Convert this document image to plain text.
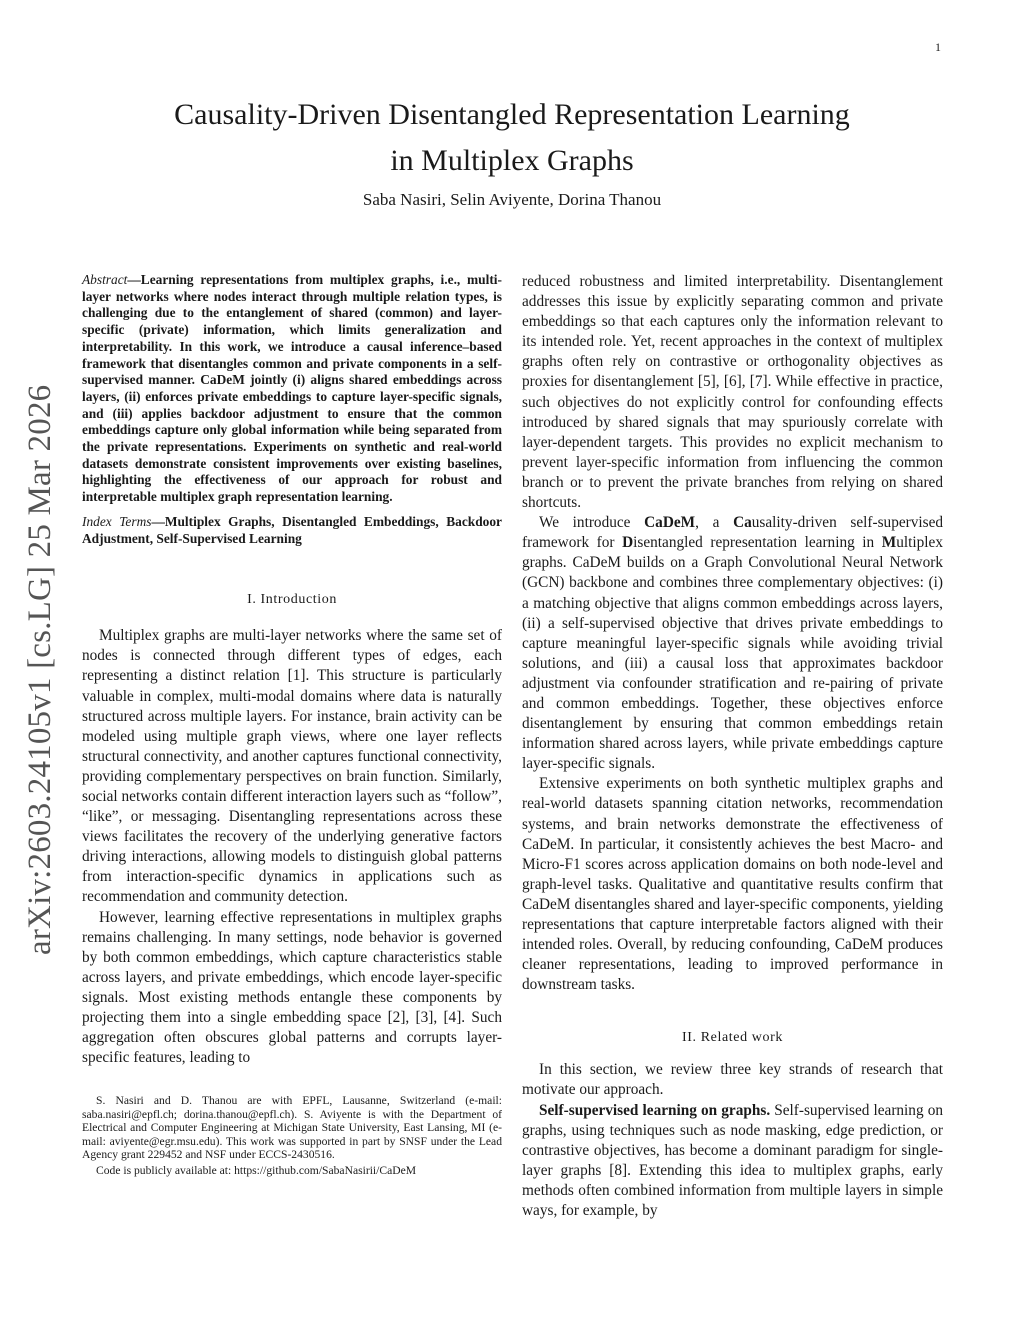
1
arXiv:2603.24105v1 [cs.LG] 25 Mar 2026
Causality-Driven Disentangled Representation Learning
in Multiplex Graphs
Saba Nasiri, Selin Aviyente, Dorina Thanou

Abstract—Learning representations from multiplex graphs, i.e., multi-layer networks where nodes interact through multiple relation types, is challenging due to the entanglement of shared (common) and layer-specific (private) information, which limits generalization and interpretability. In this work, we introduce a causal inference–based framework that disentangles common and private components in a self-supervised manner. CaDeM jointly (i) aligns shared embeddings across layers, (ii) enforces private embeddings to capture layer-specific signals, and (iii) applies backdoor adjustment to ensure that the common embeddings capture only global information while being separated from the private representations. Experiments on synthetic and real-world datasets demonstrate consistent improvements over existing baselines, highlighting the effectiveness of our approach for robust and interpretable multiplex graph representation learning.

Index Terms—Multiplex Graphs, Disentangled Embeddings, Backdoor Adjustment, Self-Supervised Learning

I. Introduction

Multiplex graphs are multi-layer networks where the same set of nodes is connected through different types of edges, each representing a distinct relation [1]. This structure is particularly valuable in complex, multi-modal domains where data is naturally structured across multiple layers. For instance, brain activity can be modeled using multiple graph views, where one layer reflects structural connectivity, and another captures functional connectivity, providing complementary perspectives on brain function. Similarly, social networks contain different interaction layers such as “follow”, “like”, or messaging. Disentangling representations across these views facilitates the recovery of the underlying generative factors driving interactions, allowing models to distinguish global patterns from interaction-specific dynamics in applications such as recommendation and community detection.

However, learning effective representations in multiplex graphs remains challenging. In many settings, node behavior is governed by both common embeddings, which capture characteristics stable across layers, and private embeddings, which encode layer-specific signals. Most existing methods entangle these components by projecting them into a single embedding space [2], [3], [4]. Such aggregation often obscures global patterns and corrupts layer-specific features, leading to

S. Nasiri and D. Thanou are with EPFL, Lausanne, Switzerland (e-mail: saba.nasiri@epfl.ch; dorina.thanou@epfl.ch). S. Aviyente is with the Department of Electrical and Computer Engineering at Michigan State University, East Lansing, MI (e-mail: aviyente@egr.msu.edu). This work was supported in part by SNSF under the Lead Agency grant 229452 and NSF under ECCS-2430516.

Code is publicly available at: https://github.com/SabaNasirii/CaDeM

reduced robustness and limited interpretability. Disentanglement addresses this issue by explicitly separating common and private embeddings so that each captures only the information relevant to its intended role. Yet, recent approaches in the context of multiplex graphs often rely on contrastive or orthogonality objectives as proxies for disentanglement [5], [6], [7]. While effective in practice, such objectives do not explicitly control for confounding effects introduced by shared signals that may spuriously correlate with layer-dependent targets. This provides no explicit mechanism to prevent layer-specific information from influencing the common branch or to prevent the private branches from relying on shared shortcuts.

We introduce CaDeM, a Causality-driven self-supervised framework for Disentangled representation learning in Multiplex graphs. CaDeM builds on a Graph Convolutional Neural Network (GCN) backbone and combines three complementary objectives: (i) a matching objective that aligns common embeddings across layers, (ii) a self-supervised objective that drives private embeddings to capture meaningful layer-specific signals while avoiding trivial solutions, and (iii) a causal loss that approximates backdoor adjustment via confounder stratification and re-pairing of private and common embeddings. Together, these objectives enforce disentanglement by ensuring that common embeddings retain information shared across layers, while private embeddings capture layer-specific signals.

Extensive experiments on both synthetic multiplex graphs and real-world datasets spanning citation networks, recommendation systems, and brain networks demonstrate the effectiveness of CaDeM. In particular, it consistently achieves the best Macro- and Micro-F1 scores across application domains on both node-level and graph-level tasks. Qualitative and quantitative results confirm that CaDeM disentangles shared and layer-specific components, yielding representations that capture interpretable factors aligned with their intended roles. Overall, by reducing confounding, CaDeM produces cleaner representations, leading to improved performance in downstream tasks.

II. Related work

In this section, we review three key strands of research that motivate our approach.

Self-supervised learning on graphs. Self-supervised learning on graphs, using techniques such as node masking, edge prediction, or contrastive objectives, has become a dominant paradigm for single-layer graphs [8]. Extending this idea to multiplex graphs, early methods often combined information from multiple layers in simple ways, for example, by
